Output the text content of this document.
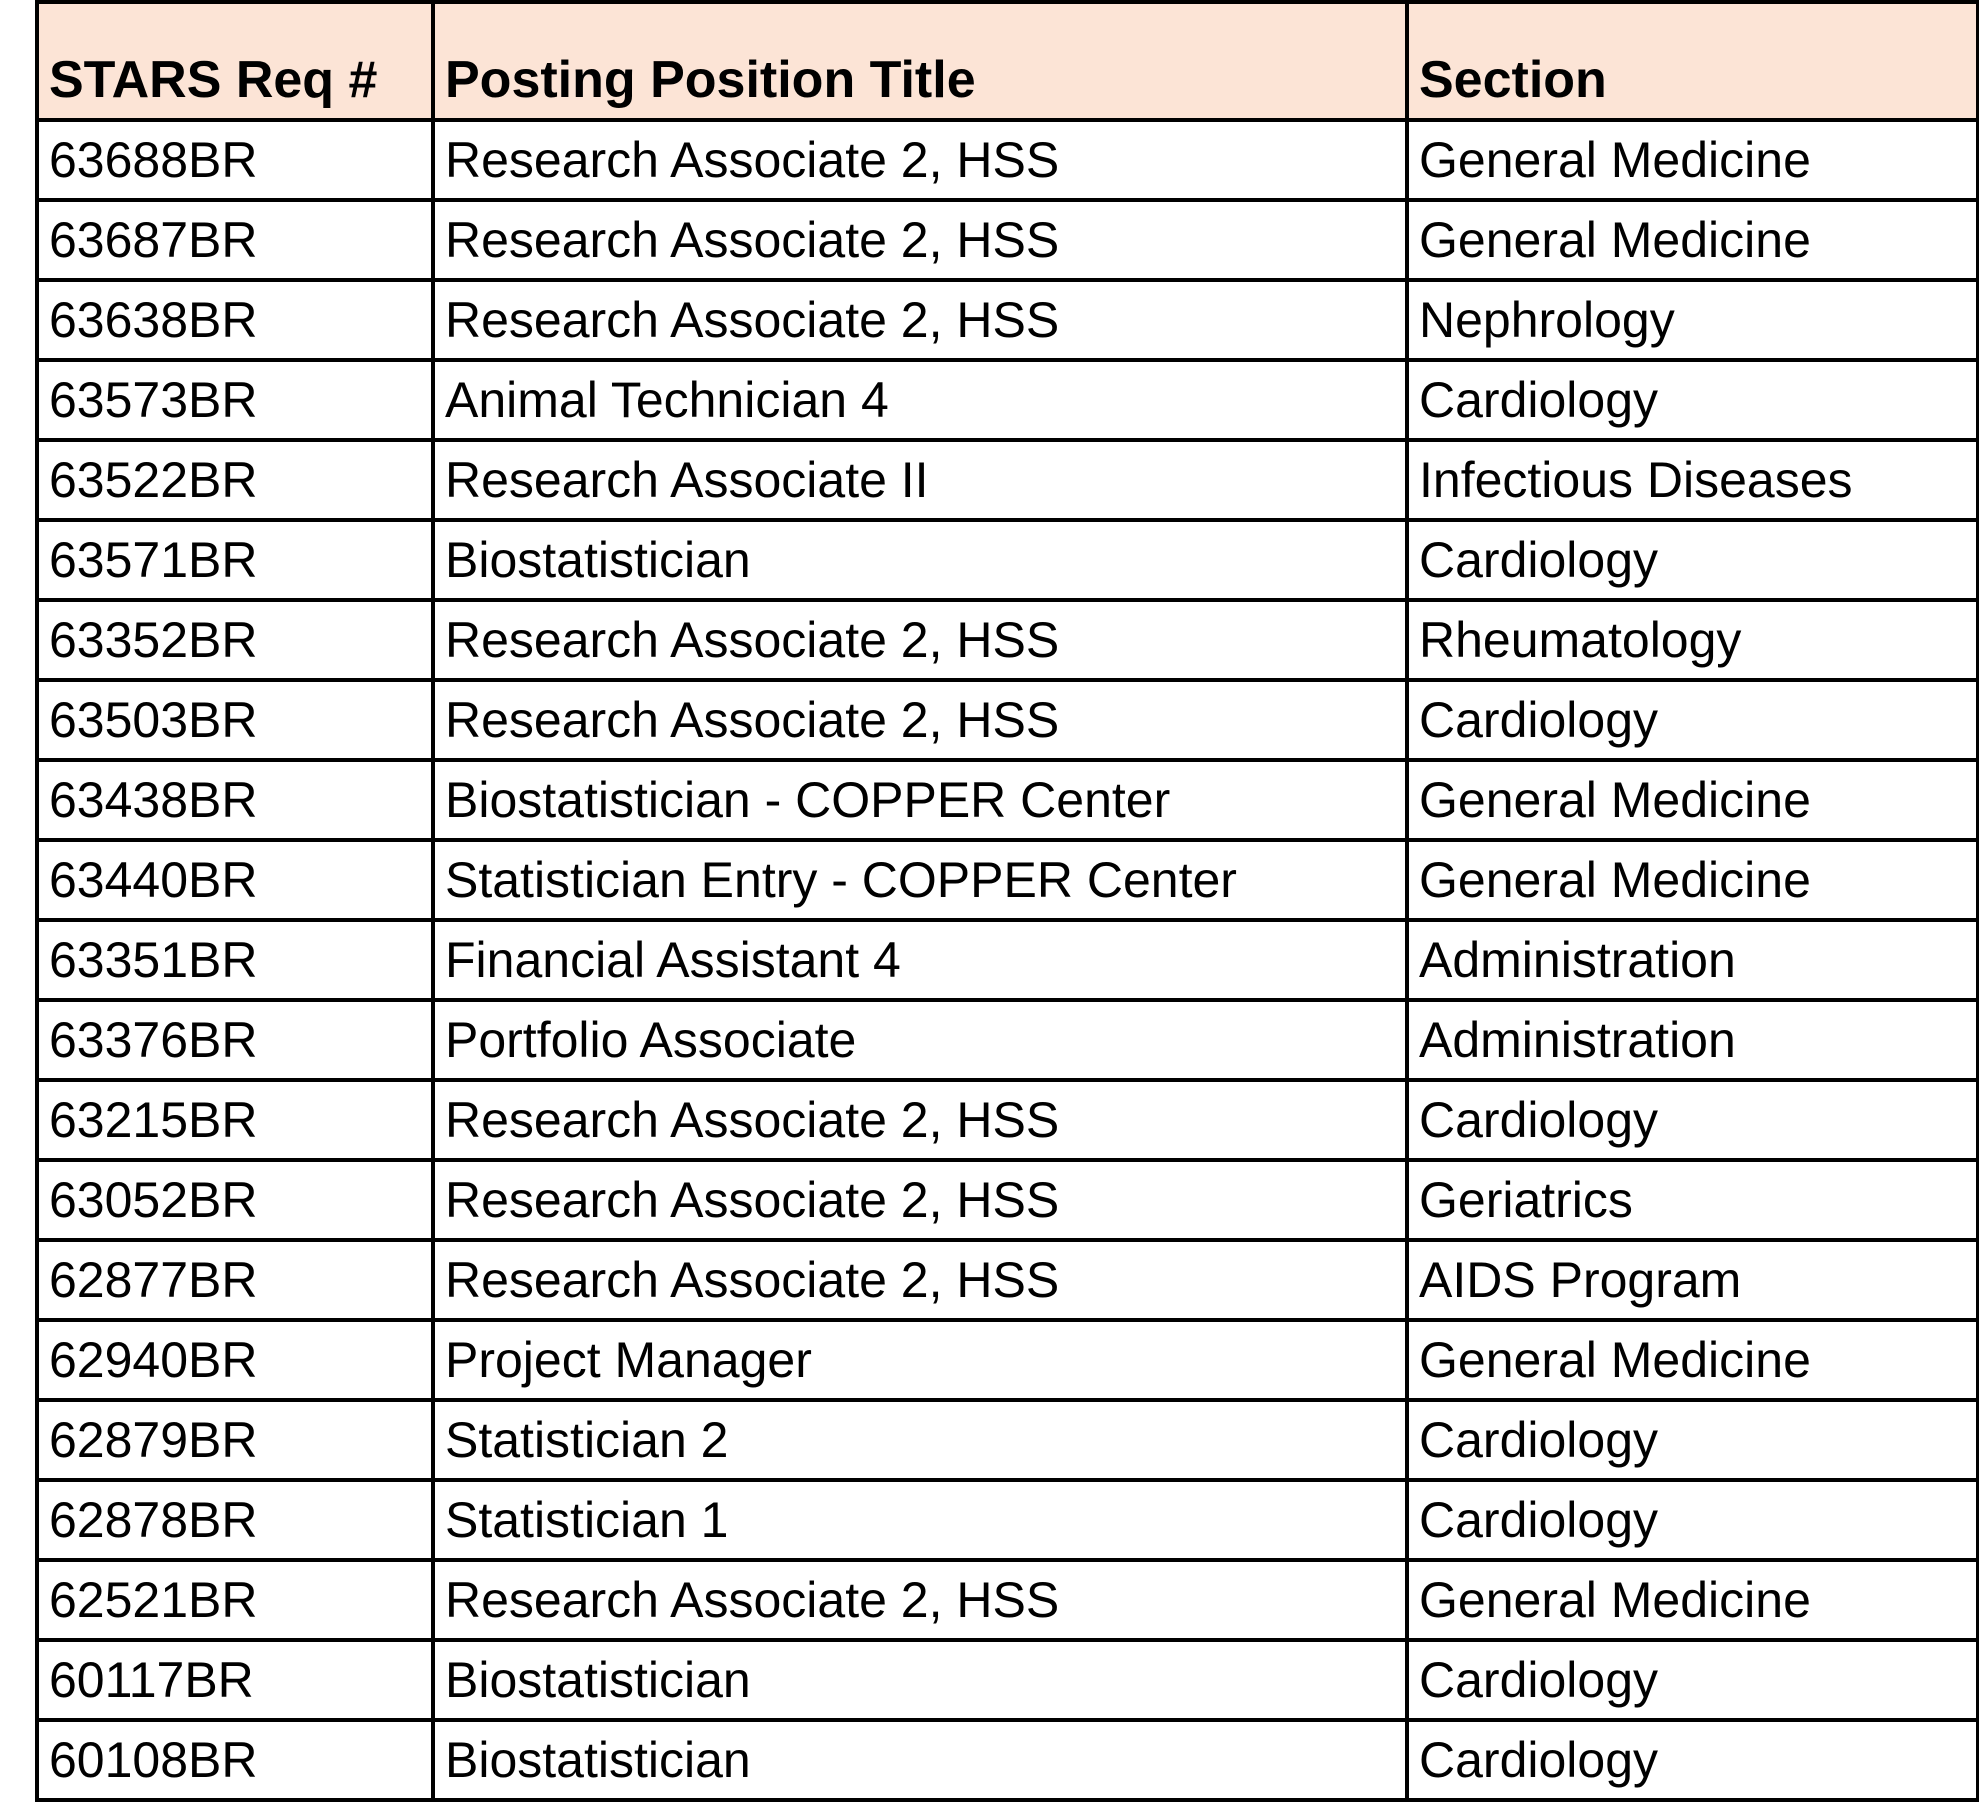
STARS Req #	Posting Position Title	Section
63688BR	Research Associate 2, HSS	General Medicine
63687BR	Research Associate 2, HSS	General Medicine
63638BR	Research Associate 2, HSS	Nephrology
63573BR	Animal Technician 4	Cardiology
63522BR	Research Associate II	Infectious Diseases
63571BR	Biostatistician	Cardiology
63352BR	Research Associate 2, HSS	Rheumatology
63503BR	Research Associate 2, HSS	Cardiology
63438BR	Biostatistician - COPPER Center	General Medicine
63440BR	Statistician Entry - COPPER Center	General Medicine
63351BR	Financial Assistant 4	Administration
63376BR	Portfolio Associate	Administration
63215BR	Research Associate 2, HSS	Cardiology
63052BR	Research Associate 2, HSS	Geriatrics
62877BR	Research Associate 2, HSS	AIDS Program
62940BR	Project Manager	General Medicine
62879BR	Statistician 2	Cardiology
62878BR	Statistician 1	Cardiology
62521BR	Research Associate 2, HSS	General Medicine
60117BR	Biostatistician	Cardiology
60108BR	Biostatistician	Cardiology
